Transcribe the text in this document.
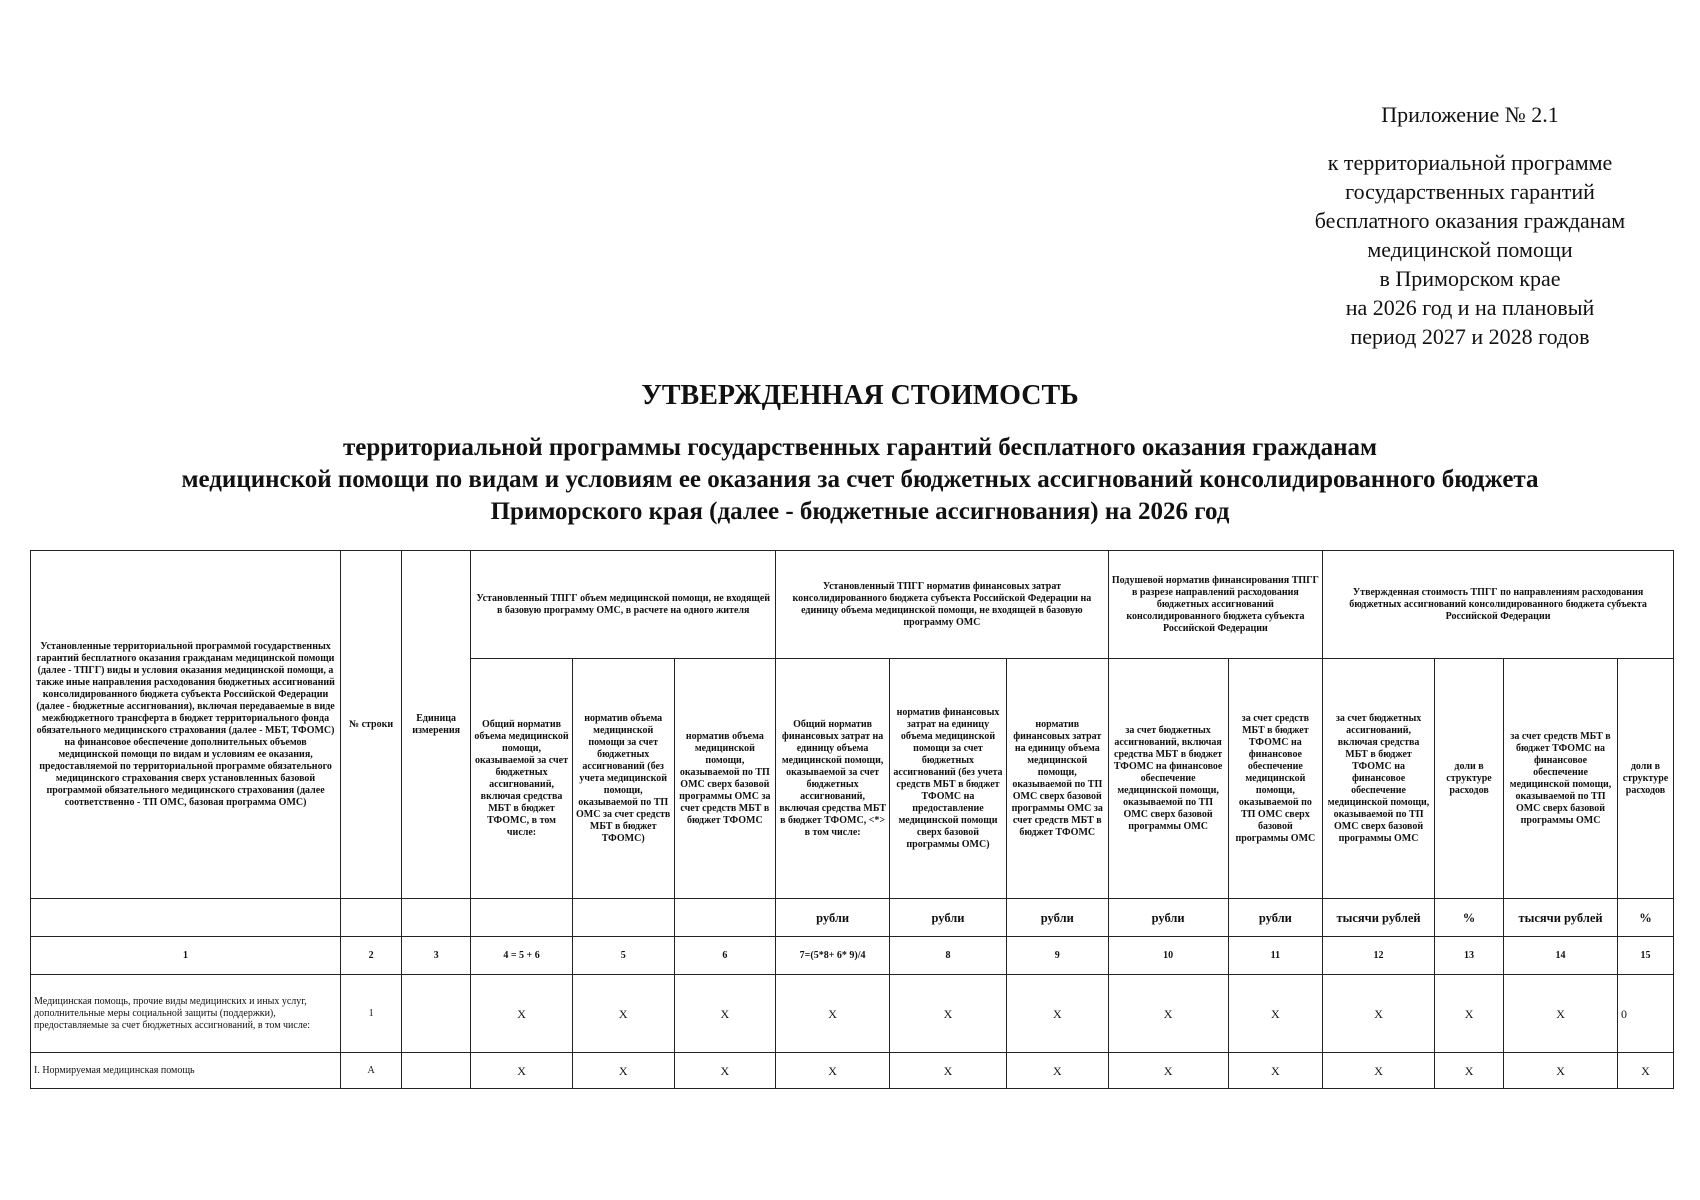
Приложение № 2.1
к территориальной программе
государственных гарантий
бесплатного оказания гражданам
медицинской помощи
в Приморском крае
на 2026 год и на плановый
период 2027 и 2028 годов
УТВЕРЖДЕННАЯ СТОИМОСТЬ
территориальной программы государственных гарантий бесплатного оказания гражданам
медицинской помощи по видам и условиям ее оказания за счет бюджетных ассигнований консолидированного бюджета
Приморского края (далее - бюджетные ассигнования) на 2026 год
Установленные территориальной программой государственных гарантий бесплатного оказания гражданам медицинской помощи (далее - ТПГГ) виды и условия оказания медицинской помощи, а также иные направления расходования бюджетных ассигнований консолидированного бюджета субъекта Российской Федерации (далее - бюджетные ассигнования), включая передаваемые в виде межбюджетного трансферта в бюджет территориального фонда обязательного медицинского страхования (далее - МБТ, ТФОМС) на финансовое обеспечение дополнительных объемов медицинской помощи по видам и условиям ее оказания, предоставляемой по территориальной программе обязательного медицинского страхования сверх установленных базовой программой обязательного медицинского страхования (далее соответственно - ТП ОМС, базовая программа ОМС)	№ строки	Единица измерения	Установленный ТПГГ объем медицинской помощи, не входящей в базовую программу ОМС, в расчете на одного жителя			Установленный ТПГГ норматив финансовых затрат консолидированного бюджета субъекта Российской Федерации на единицу объема медицинской помощи, не входящей в базовую программу ОМС			Подушевой норматив финансирования ТПГГ в разрезе направлений расходования бюджетных ассигнований консолидированного бюджета субъекта Российской Федерации		Утвержденная стоимость ТПГГ по направлениям расходования бюджетных ассигнований консолидированного бюджета субъекта Российской Федерации			
			Общий норматив объема медицинской помощи, оказываемой за счет бюджетных ассигнований, включая средства МБТ в бюджет ТФОМС, в том числе:	норматив объема медицинской помощи за счет бюджетных ассигнований (без учета медицинской помощи, оказываемой по ТП ОМС за счет средств МБТ в бюджет ТФОМС)	норматив объема медицинской помощи, оказываемой по ТП ОМС сверх базовой программы ОМС за счет средств МБТ в бюджет ТФОМС	Общий норматив финансовых затрат на единицу объема медицинской помощи, оказываемой за счет бюджетных ассигнований, включая средства МБТ в бюджет ТФОМС, <*> в том числе:	норматив финансовых затрат на единицу объема медицинской помощи за счет бюджетных ассигнований (без учета средств МБТ в бюджет ТФОМС на предоставление медицинской помощи сверх базовой программы ОМС)	норматив финансовых затрат на единицу объема медицинской помощи, оказываемой по ТП ОМС сверх базовой программы ОМС за счет средств МБТ в бюджет ТФОМС	за счет бюджетных ассигнований, включая средства МБТ в бюджет ТФОМС на финансовое обеспечение медицинской помощи, оказываемой по ТП ОМС сверх базовой программы ОМС	за счет средств МБТ в бюджет ТФОМС на финансовое обеспечение медицинской помощи, оказываемой по ТП ОМС сверх базовой программы ОМС	за счет бюджетных ассигнований, включая средства МБТ в бюджет ТФОМС на финансовое обеспечение медицинской помощи, оказываемой по ТП ОМС сверх базовой программы ОМС	доли в структуре расходов	за счет средств МБТ в бюджет ТФОМС на финансовое обеспечение медицинской помощи, оказываемой по ТП ОМС сверх базовой программы ОМС	доли в структуре расходов
						рубли	рубли	рубли	рубли	рубли	тысячи рублей	%	тысячи рублей	%
1	2	3	4 = 5 + 6	5	6	7=(5*8+ 6* 9)/4	8	9	10	11	12	13	14	15
Медицинская помощь, прочие виды медицинских и иных услуг, дополнительные меры социальной защиты (поддержки), предоставляемые за счет бюджетных ассигнований, в том числе:	1		X	X	X	X	X	X	X	X	X	X	X	0
I. Нормируемая медицинская помощь	А		X	X	X	X	X	X	X	X	X	X	X	X
